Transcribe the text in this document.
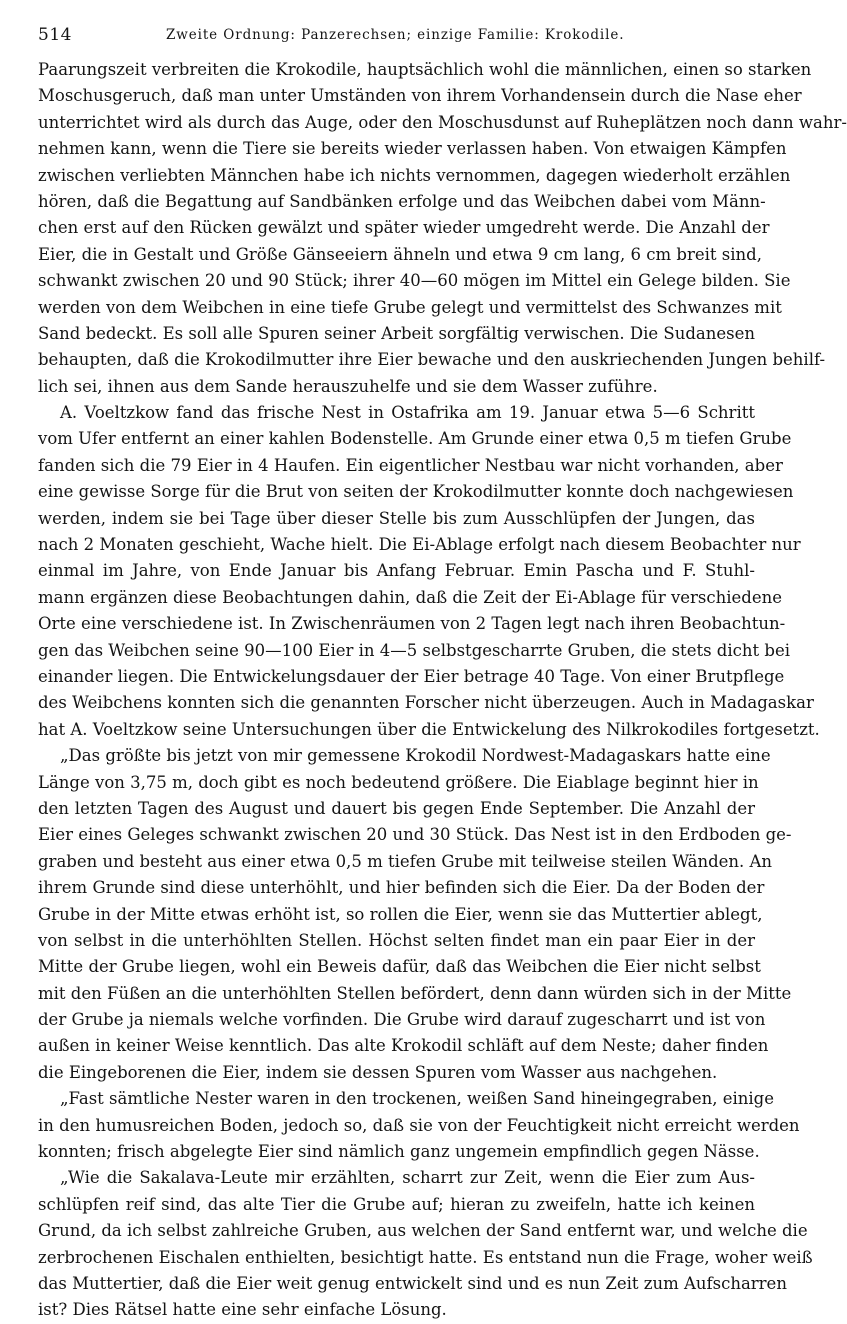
514	Zweite Ordnung: Panzerechsen; einzige Familie: Krokodile.
Paarungszeit verbreiten die Krokodile, hauptsächlich wohl die männlichen, einen so starken
Moschusgeruch, daß man unter Umständen von ihrem Vorhandensein durch die Nase eher
unterrichtet wird als durch das Auge, oder den Moschusdunst auf Ruheplätzen noch dann wahr-
nehmen kann, wenn die Tiere sie bereits wieder verlassen haben. Von etwaigen Kämpfen
zwischen verliebten Männchen habe ich nichts vernommen, dagegen wiederholt erzählen
hören, daß die Begattung auf Sandbänken erfolge und das Weibchen dabei vom Männ-
chen erst auf den Rücken gewälzt und später wieder umgedreht werde. Die Anzahl der
Eier, die in Gestalt und Größe Gänseeiern ähneln und etwa 9 cm lang, 6 cm breit sind,
schwankt zwischen 20 und 90 Stück; ihrer 40—60 mögen im Mittel ein Gelege bilden. Sie
werden von dem Weibchen in eine tiefe Grube gelegt und vermittelst des Schwanzes mit
Sand bedeckt. Es soll alle Spuren seiner Arbeit sorgfältig verwischen. Die Sudanesen
behaupten, daß die Krokodilmutter ihre Eier bewache und den auskriechenden Jungen behilf-
lich sei, ihnen aus dem Sande herauszuhelfe und sie dem Wasser zuführe.
A. Voeltzkow fand das frische Nest in Ostafrika am 19. Januar etwa 5—6 Schritt
vom Ufer entfernt an einer kahlen Bodenstelle. Am Grunde einer etwa 0,5 m tiefen Grube
fanden sich die 79 Eier in 4 Haufen. Ein eigentlicher Nestbau war nicht vorhanden, aber
eine gewisse Sorge für die Brut von seiten der Krokodilmutter konnte doch nachgewiesen
werden, indem sie bei Tage über dieser Stelle bis zum Ausschlüpfen der Jungen, das
nach 2 Monaten geschieht, Wache hielt. Die Ei-Ablage erfolgt nach diesem Beobachter nur
einmal im Jahre, von Ende Januar bis Anfang Februar. Emin Pascha und F. Stuhl-
mann ergänzen diese Beobachtungen dahin, daß die Zeit der Ei-Ablage für verschiedene
Orte eine verschiedene ist. In Zwischenräumen von 2 Tagen legt nach ihren Beobachtun-
gen das Weibchen seine 90—100 Eier in 4—5 selbstgescharrte Gruben, die stets dicht bei
einander liegen. Die Entwickelungsdauer der Eier betrage 40 Tage. Von einer Brutpflege
des Weibchens konnten sich die genannten Forscher nicht überzeugen. Auch in Madagaskar
hat A. Voeltzkow seine Untersuchungen über die Entwickelung des Nilkrokodiles fortgesetzt.
„Das größte bis jetzt von mir gemessene Krokodil Nordwest-Madagaskars hatte eine
Länge von 3,75 m, doch gibt es noch bedeutend größere. Die Eiablage beginnt hier in
den letzten Tagen des August und dauert bis gegen Ende September. Die Anzahl der
Eier eines Geleges schwankt zwischen 20 und 30 Stück. Das Nest ist in den Erdboden ge-
graben und besteht aus einer etwa 0,5 m tiefen Grube mit teilweise steilen Wänden. An
ihrem Grunde sind diese unterhöhlt, und hier befinden sich die Eier. Da der Boden der
Grube in der Mitte etwas erhöht ist, so rollen die Eier, wenn sie das Muttertier ablegt,
von selbst in die unterhöhlten Stellen. Höchst selten findet man ein paar Eier in der
Mitte der Grube liegen, wohl ein Beweis dafür, daß das Weibchen die Eier nicht selbst
mit den Füßen an die unterhöhlten Stellen befördert, denn dann würden sich in der Mitte
der Grube ja niemals welche vorfinden. Die Grube wird darauf zugescharrt und ist von
außen in keiner Weise kenntlich. Das alte Krokodil schläft auf dem Neste; daher finden
die Eingeborenen die Eier, indem sie dessen Spuren vom Wasser aus nachgehen.
„Fast sämtliche Nester waren in den trockenen, weißen Sand hineingegraben, einige
in den humusreichen Boden, jedoch so, daß sie von der Feuchtigkeit nicht erreicht werden
konnten; frisch abgelegte Eier sind nämlich ganz ungemein empfindlich gegen Nässe.
„Wie die Sakalava-Leute mir erzählten, scharrt zur Zeit, wenn die Eier zum Aus-
schlüpfen reif sind, das alte Tier die Grube auf; hieran zu zweifeln, hatte ich keinen
Grund, da ich selbst zahlreiche Gruben, aus welchen der Sand entfernt war, und welche die
zerbrochenen Eischalen enthielten, besichtigt hatte. Es entstand nun die Frage, woher weiß
das Muttertier, daß die Eier weit genug entwickelt sind und es nun Zeit zum Aufscharren
ist? Dies Rätsel hatte eine sehr einfache Lösung.
